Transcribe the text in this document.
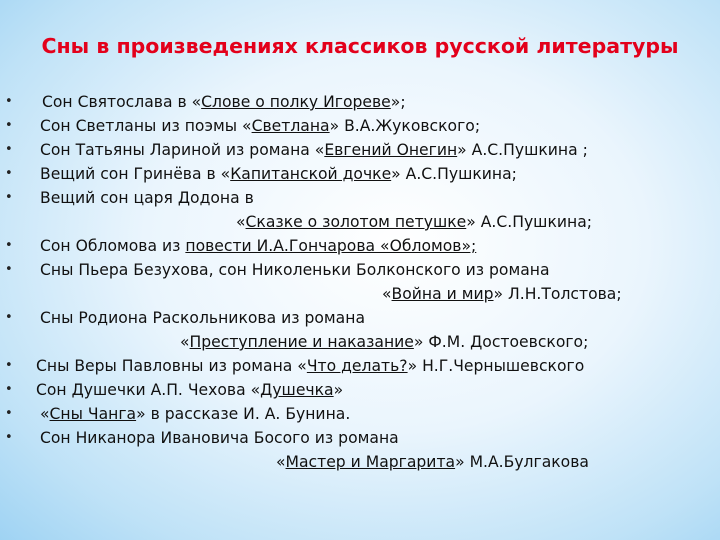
Сны в произведениях классиков русской литературы
• Сон Святослава в «Слове о полку Игореве»;
• Сон Светланы из поэмы «Светлана» В.А.Жуковского;
• Сон Татьяны Лариной из романа «Евгений Онегин» А.С.Пушкина ;
• Вещий сон Гринёва в «Капитанской дочке» А.С.Пушкина;
• Вещий сон царя Додона в
«Сказке о золотом петушке» А.С.Пушкина;
• Сон Обломова из повести И.А.Гончарова «Обломов»;
• Сны Пьера Безухова, сон Николеньки Болконского из романа
«Война и мир» Л.Н.Толстова;
• Сны Родиона Раскольникова из романа
«Преступление и наказание» Ф.М. Достоевского;
• Сны Веры Павловны из романа «Что делать?» Н.Г.Чернышевского
• Сон Душечки А.П. Чехова «Душечка»
• «Сны Чанга» в рассказе И. А. Бунина.
• Сон Никанора Ивановича Босого из романа
«Мастер и Маргарита» М.А.Булгакова
